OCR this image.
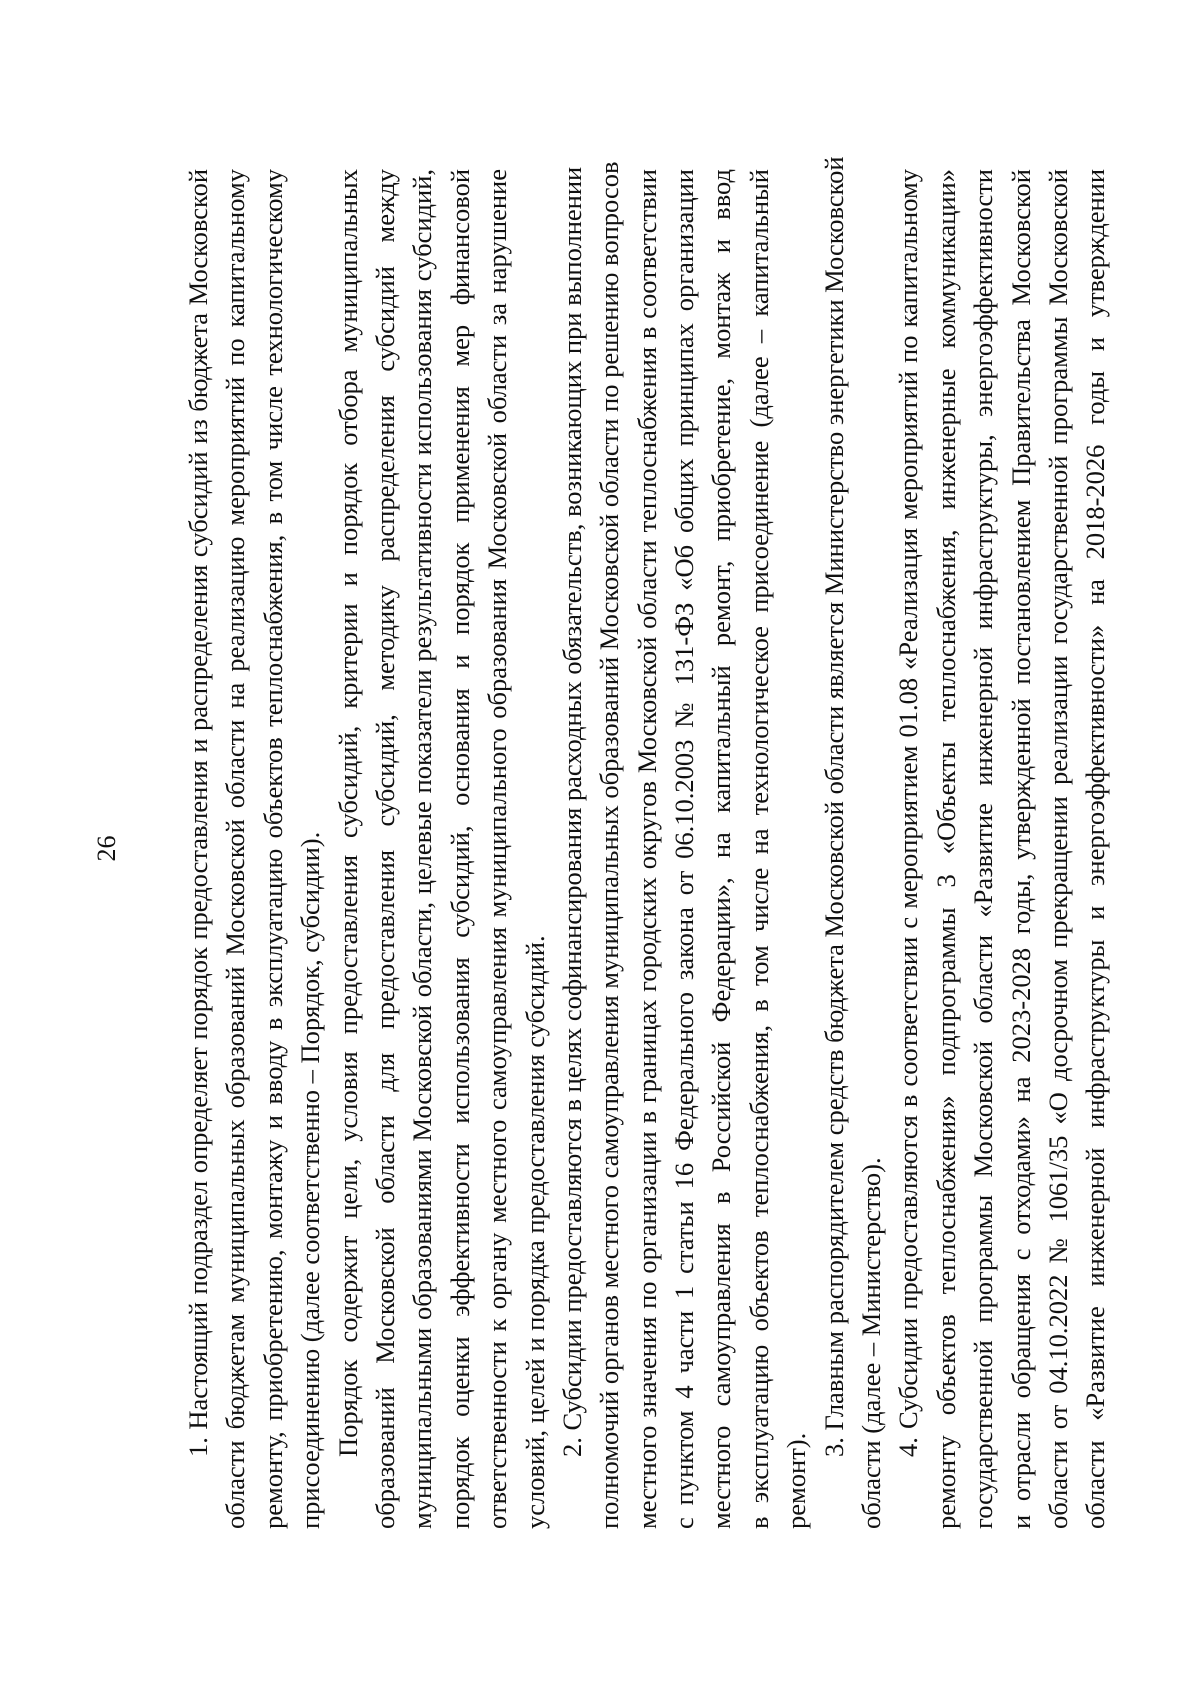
26 1. Настоящий подраздел определяет порядок предоставления и распределения субсидий из бюджета Московской области бюджетам муниципальных образований Московской области на реализацию мероприятий по капитальному ремонту, приобретению, монтажу и вводу в эксплуатацию объектов теплоснабжения, в том числе технологическому присоединению (далее соответственно – Порядок, субсидии). Порядок содержит цели, условия предоставления субсидий, критерии и порядок отбора муниципальных образований Московской области для предоставления субсидий, методику распределения субсидий между муниципальными образованиями Московской области, целевые показатели результативности использования субсидий, порядок оценки эффективности использования субсидий, основания и порядок применения мер финансовой ответственности к органу местного самоуправления муниципального образования Московской области за нарушение условий, целей и порядка предоставления субсидий. 2. Субсидии предоставляются в целях софинансирования расходных обязательств, возникающих при выполнении полномочий органов местного самоуправления муниципальных образований Московской области по решению вопросов местного значения по организации в границах городских округов Московской области теплоснабжения в соответствии с пунктом 4 части 1 статьи 16 Федерального закона от 06.10.2003 № 131-ФЗ «Об общих принципах организации местного самоуправления в Российской Федерации», на капитальный ремонт, приобретение, монтаж и ввод в эксплуатацию объектов теплоснабжения, в том числе на технологическое присоединение (далее – капитальный ремонт).
3. Главным распорядителем средств бюджета Московской области является Министерство энергетики Московской области (далее – Министерство). 4. Субсидии предоставляются в соответствии с мероприятием 01.08 «Реализация мероприятий по капитальному ремонту объектов теплоснабжения» подпрограммы 3 «Объекты теплоснабжения, инженерные коммуникации» государственной программы Московской области «Развитие инженерной инфраструктуры, энергоэффективности и отрасли обращения с отходами» на 2023-2028 годы, утвержденной постановлением Правительства Московской области от 04.10.2022 № 1061/35 «О досрочном прекращении реализации государственной программы Московской области «Развитие инженерной инфраструктуры и энергоэффективности» на 2018-2026 годы и утверждении
